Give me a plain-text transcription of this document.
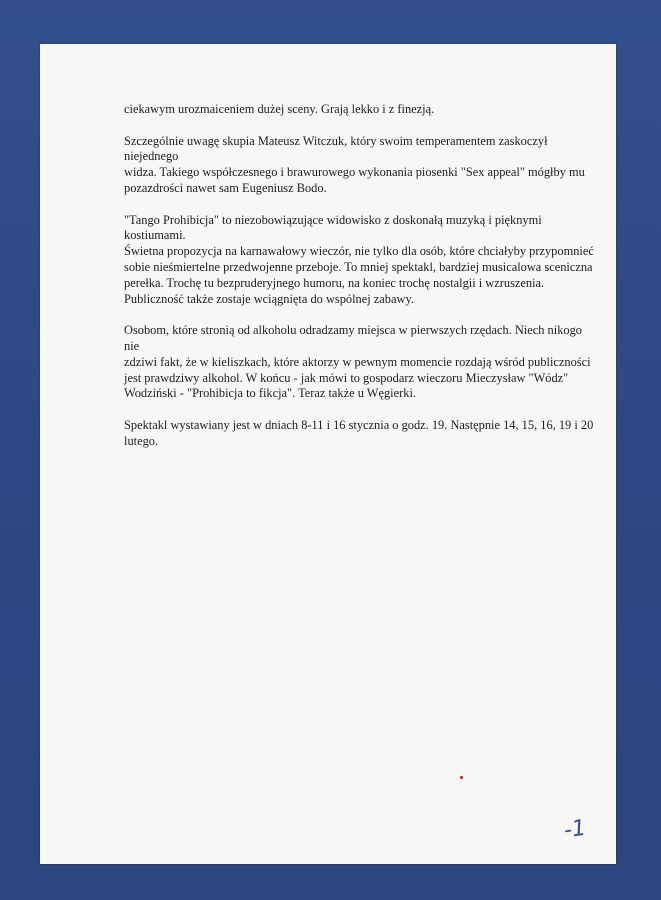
ciekawym urozmaiceniem dużej sceny. Grają lekko i z finezją.

Szczególnie uwagę skupia Mateusz Witczuk, który swoim temperamentem zaskoczył niejednego
widza. Takiego współczesnego i brawurowego wykonania piosenki "Sex appeal" mógłby mu
pozazdrości nawet sam Eugeniusz Bodo.

"Tango Prohibicja" to niezobowiązujące widowisko z doskonałą muzyką i pięknymi kostiumami.
Świetna propozycja na karnawałowy wieczór, nie tylko dla osób, które chciałyby przypomnieć
sobie nieśmiertelne przedwojenne przeboje. To mniej spektakl, bardziej musicalowa sceniczna
perełka. Trochę tu bezpruderyjnego humoru, na koniec trochę nostalgii i wzruszenia.
Publiczność także zostaje wciągnięta do wspólnej zabawy.

Osobom, które stronią od alkoholu odradzamy miejsca w pierwszych rzędach. Niech nikogo nie
zdziwi fakt, że w kieliszkach, które aktorzy w pewnym momencie rozdają wśród publiczności
jest prawdziwy alkohol. W końcu - jak mówi to gospodarz wieczoru Mieczysław "Wódz"
Wodziński - "Prohibicja to fikcja". Teraz także u Węgierki.

Spektakl wystawiany jest w dniach 8-11 i 16 stycznia o godz. 19. Następnie 14, 15, 16, 19 i 20
lutego.

-1
